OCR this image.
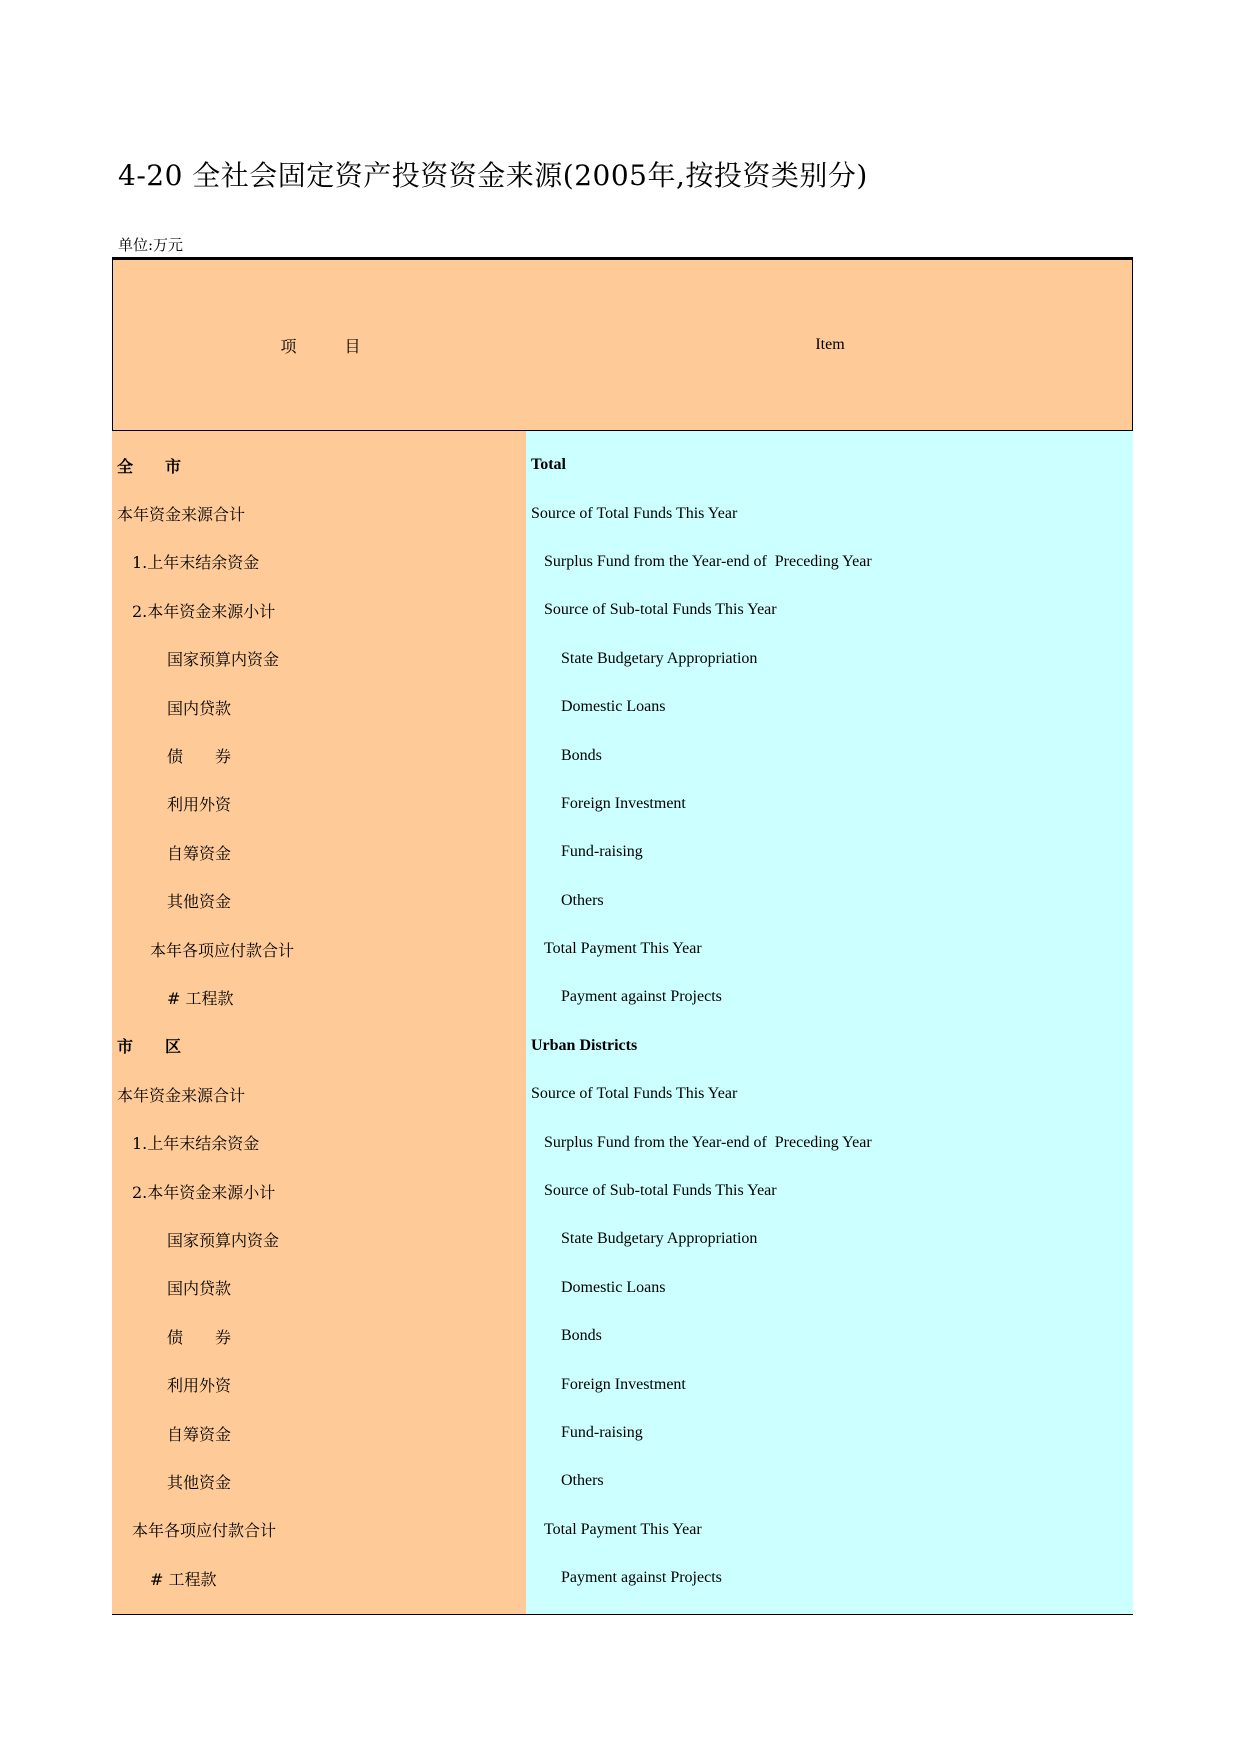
4-20 全社会固定资产投资资金来源(2005年,按投资类别分)
单位:万元
项　　　目	Item
全　　市
本年资金来源合计
1.上年末结余资金
2.本年资金来源小计
国家预算内资金
国内贷款
债　　券
利用外资
自筹资金
其他资金
本年各项应付款合计
# 工程款
市　　区
本年资金来源合计
1.上年末结余资金
2.本年资金来源小计
国家预算内资金
国内贷款
债　　券
利用外资
自筹资金
其他资金
本年各项应付款合计
# 工程款
Total
Source of Total Funds This Year
Surplus Fund from the Year-end of  Preceding Year
Source of Sub-total Funds This Year
State Budgetary Appropriation
Domestic Loans
Bonds
Foreign Investment
Fund-raising
Others
Total Payment This Year
Payment against Projects
Urban Districts
Source of Total Funds This Year
Surplus Fund from the Year-end of  Preceding Year
Source of Sub-total Funds This Year
State Budgetary Appropriation
Domestic Loans
Bonds
Foreign Investment
Fund-raising
Others
Total Payment This Year
Payment against Projects
